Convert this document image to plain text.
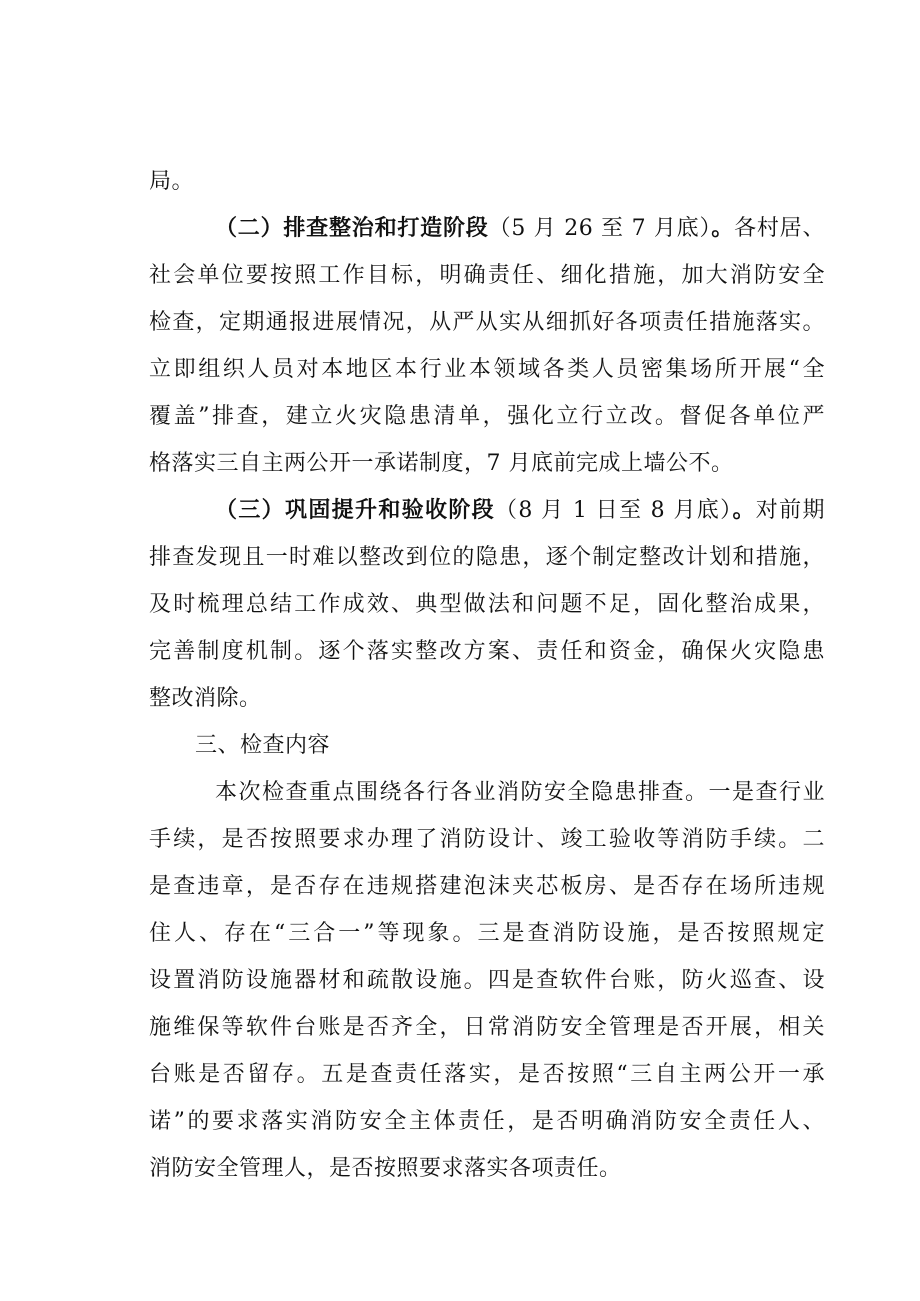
局。
（二）排查整治和打造阶段（5 月 26 至 7 月底）。各村居、
社会单位要按照工作目标，明确责任、细化措施，加大消防安全
检查，定期通报进展情况，从严从实从细抓好各项责任措施落实。
立即组织人员对本地区本行业本领域各类人员密集场所开展“全
覆盖”排查，建立火灾隐患清单，强化立行立改。督促各单位严
格落实三自主两公开一承诺制度，7 月底前完成上墙公不。
（三）巩固提升和验收阶段（8 月 1 日至 8 月底）。对前期
排查发现且一时难以整改到位的隐患，逐个制定整改计划和措施，
及时梳理总结工作成效、典型做法和问题不足，固化整治成果，
完善制度机制。逐个落实整改方案、责任和资金，确保火灾隐患
整改消除。
三、检查内容
本次检查重点围绕各行各业消防安全隐患排查。一是查行业
手续，是否按照要求办理了消防设计、竣工验收等消防手续。二
是查违章，是否存在违规搭建泡沫夹芯板房、是否存在场所违规
住人、存在“三合一”等现象。三是查消防设施，是否按照规定
设置消防设施器材和疏散设施。四是查软件台账，防火巡查、设
施维保等软件台账是否齐全，日常消防安全管理是否开展，相关
台账是否留存。五是查责任落实，是否按照“三自主两公开一承
诺”的要求落实消防安全主体责任，是否明确消防安全责任人、
消防安全管理人，是否按照要求落实各项责任。
